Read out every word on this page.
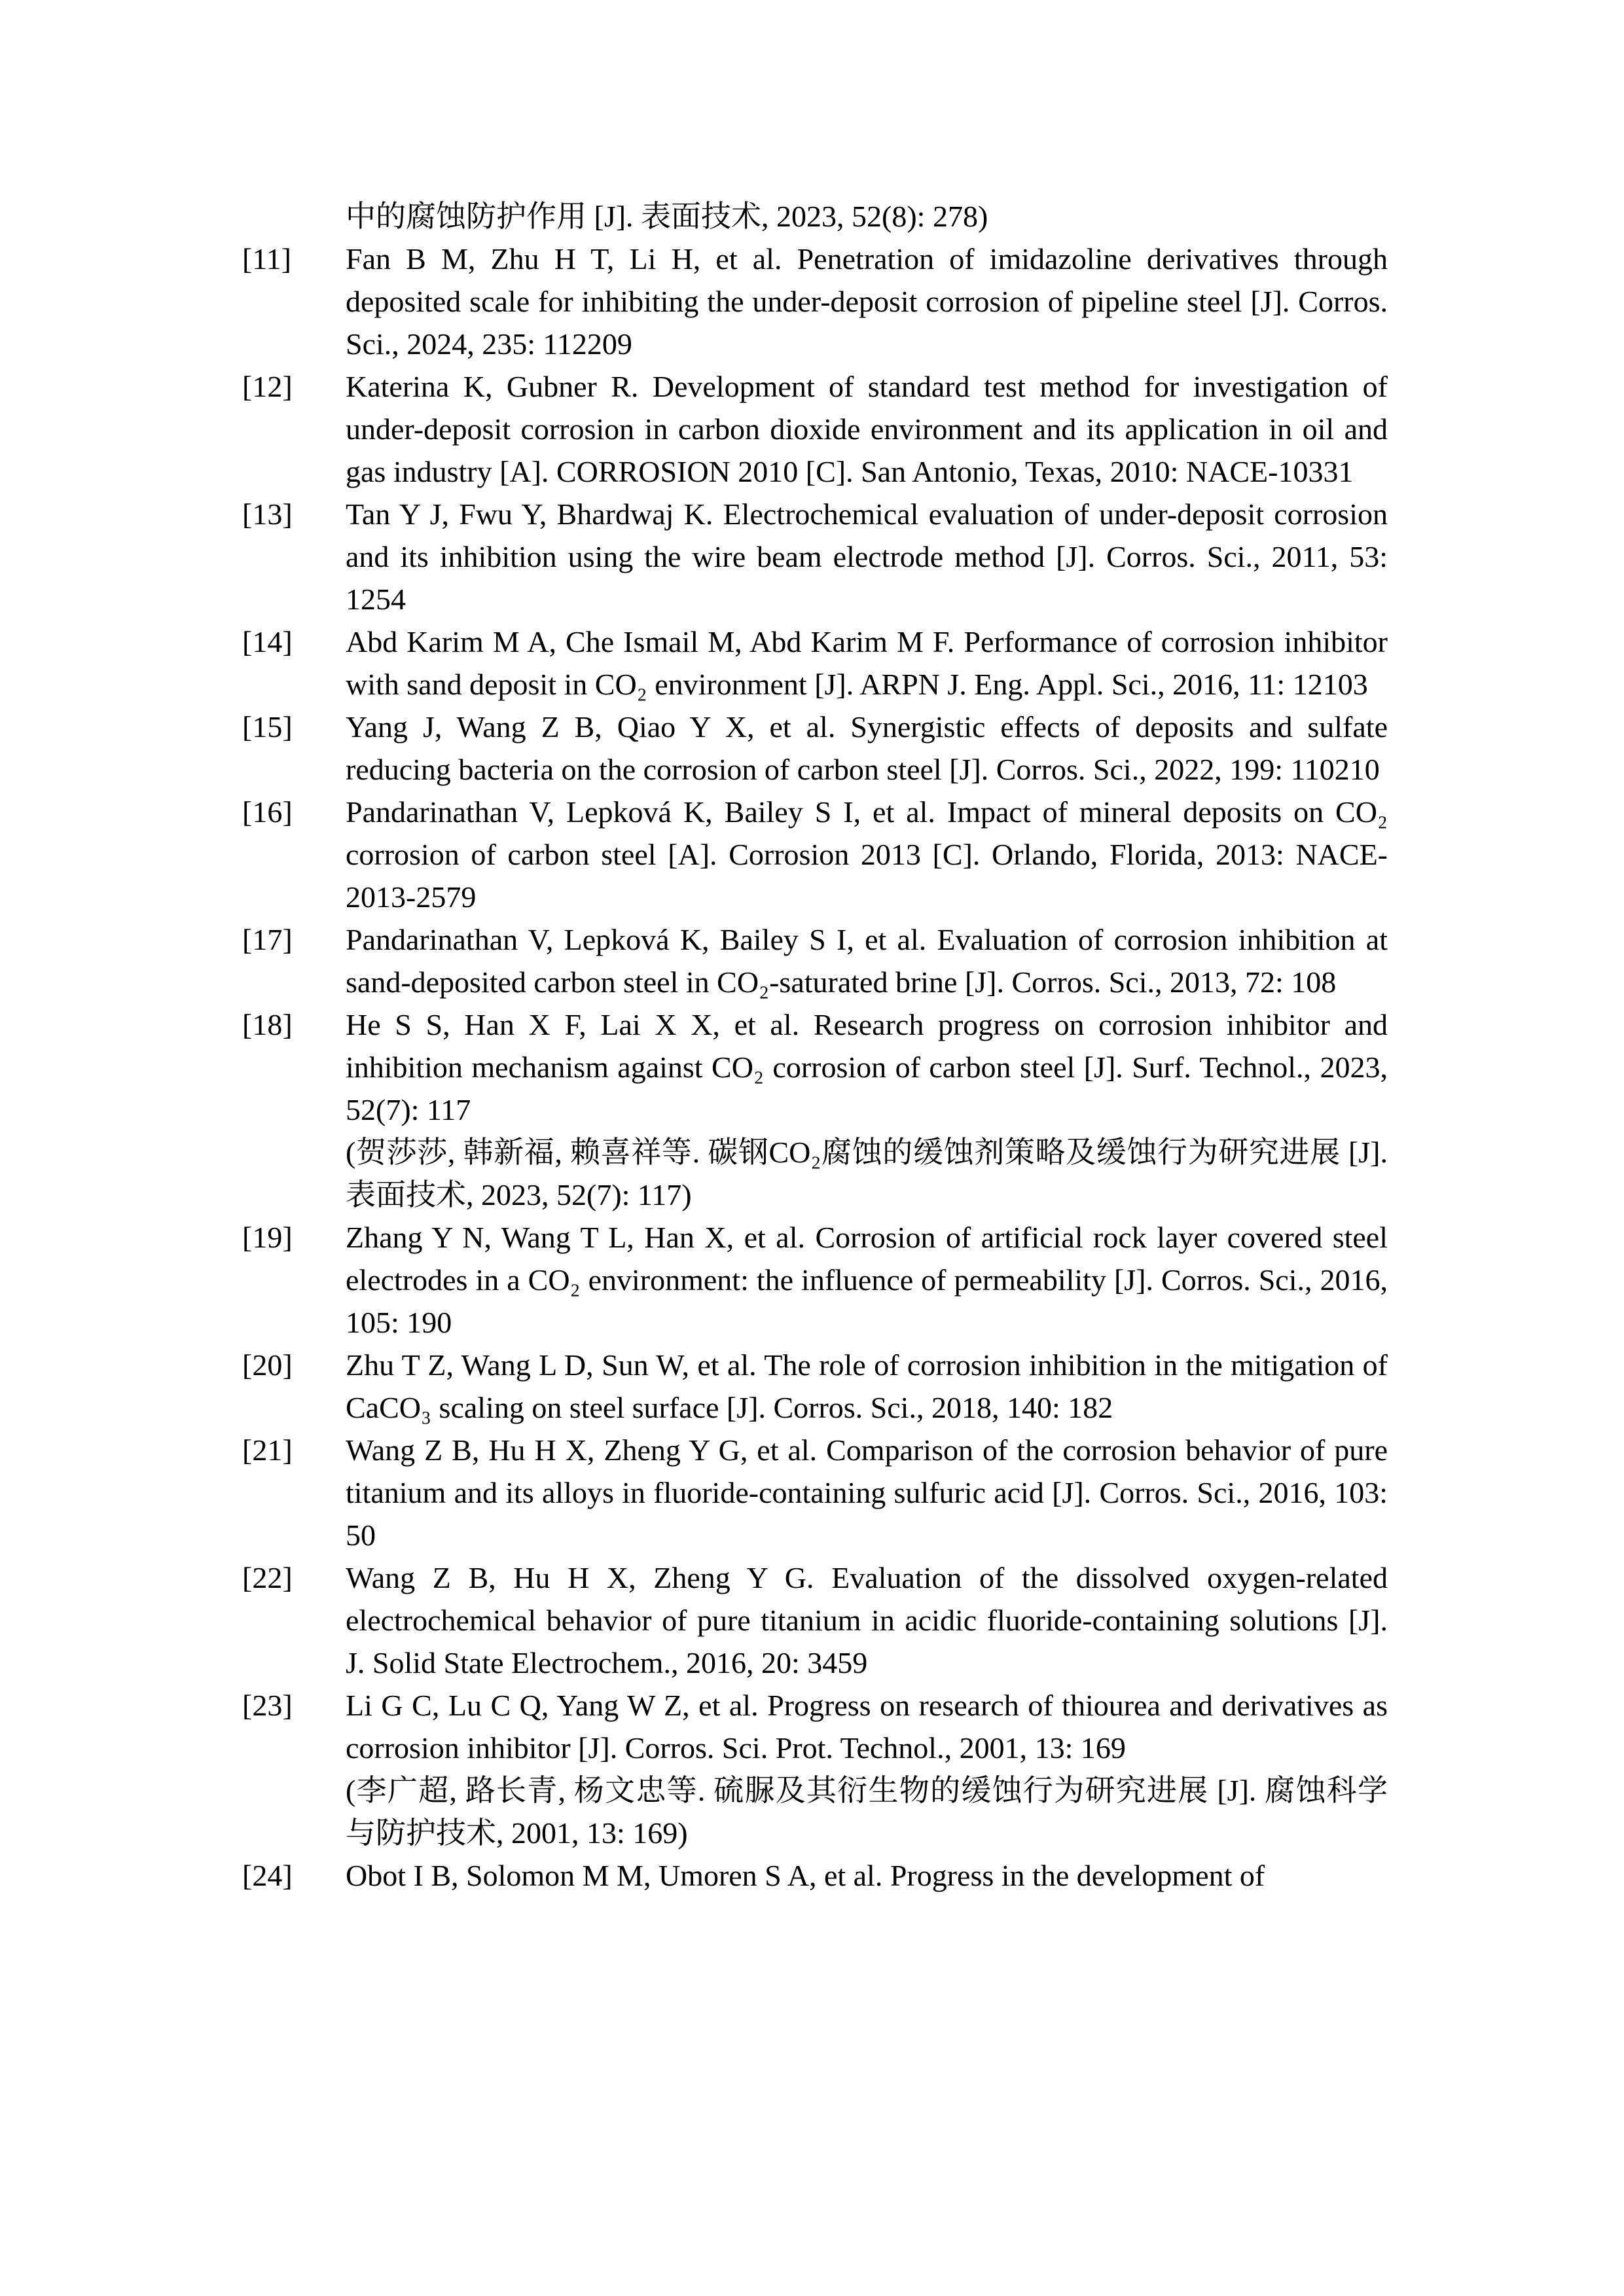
中的腐蚀防护作用 [J]. 表面技术, 2023, 52(8): 278)
[11] Fan B M, Zhu H T, Li H, et al. Penetration of imidazoline derivatives through deposited scale for inhibiting the under-deposit corrosion of pipeline steel [J]. Corros. Sci., 2024, 235: 112209
[12] Katerina K, Gubner R. Development of standard test method for investigation of under-deposit corrosion in carbon dioxide environment and its application in oil and gas industry [A]. CORROSION 2010 [C]. San Antonio, Texas, 2010: NACE-10331
[13] Tan Y J, Fwu Y, Bhardwaj K. Electrochemical evaluation of under-deposit corrosion and its inhibition using the wire beam electrode method [J]. Corros. Sci., 2011, 53: 1254
[14] Abd Karim M A, Che Ismail M, Abd Karim M F. Performance of corrosion inhibitor with sand deposit in CO₂ environment [J]. ARPN J. Eng. Appl. Sci., 2016, 11: 12103
[15] Yang J, Wang Z B, Qiao Y X, et al. Synergistic effects of deposits and sulfate reducing bacteria on the corrosion of carbon steel [J]. Corros. Sci., 2022, 199: 110210
[16] Pandarinathan V, Lepková K, Bailey S I, et al. Impact of mineral deposits on CO₂ corrosion of carbon steel [A]. Corrosion 2013 [C]. Orlando, Florida, 2013: NACE-2013-2579
[17] Pandarinathan V, Lepková K, Bailey S I, et al. Evaluation of corrosion inhibition at sand-deposited carbon steel in CO₂-saturated brine [J]. Corros. Sci., 2013, 72: 108
[18] He S S, Han X F, Lai X X, et al. Research progress on corrosion inhibitor and inhibition mechanism against CO₂ corrosion of carbon steel [J]. Surf. Technol., 2023, 52(7): 117
(贺莎莎, 韩新福, 赖喜祥等. 碳钢CO₂腐蚀的缓蚀剂策略及缓蚀行为研究进展 [J]. 表面技术, 2023, 52(7): 117)
[19] Zhang Y N, Wang T L, Han X, et al. Corrosion of artificial rock layer covered steel electrodes in a CO₂ environment: the influence of permeability [J]. Corros. Sci., 2016, 105: 190
[20] Zhu T Z, Wang L D, Sun W, et al. The role of corrosion inhibition in the mitigation of CaCO₃ scaling on steel surface [J]. Corros. Sci., 2018, 140: 182
[21] Wang Z B, Hu H X, Zheng Y G, et al. Comparison of the corrosion behavior of pure titanium and its alloys in fluoride-containing sulfuric acid [J]. Corros. Sci., 2016, 103: 50
[22] Wang Z B, Hu H X, Zheng Y G. Evaluation of the dissolved oxygen-related electrochemical behavior of pure titanium in acidic fluoride-containing solutions [J]. J. Solid State Electrochem., 2016, 20: 3459
[23] Li G C, Lu C Q, Yang W Z, et al. Progress on research of thiourea and derivatives as corrosion inhibitor [J]. Corros. Sci. Prot. Technol., 2001, 13: 169
(李广超, 路长青, 杨文忠等. 硫脲及其衍生物的缓蚀行为研究进展 [J]. 腐蚀科学与防护技术, 2001, 13: 169)
[24] Obot I B, Solomon M M, Umoren S A, et al. Progress in the development of
